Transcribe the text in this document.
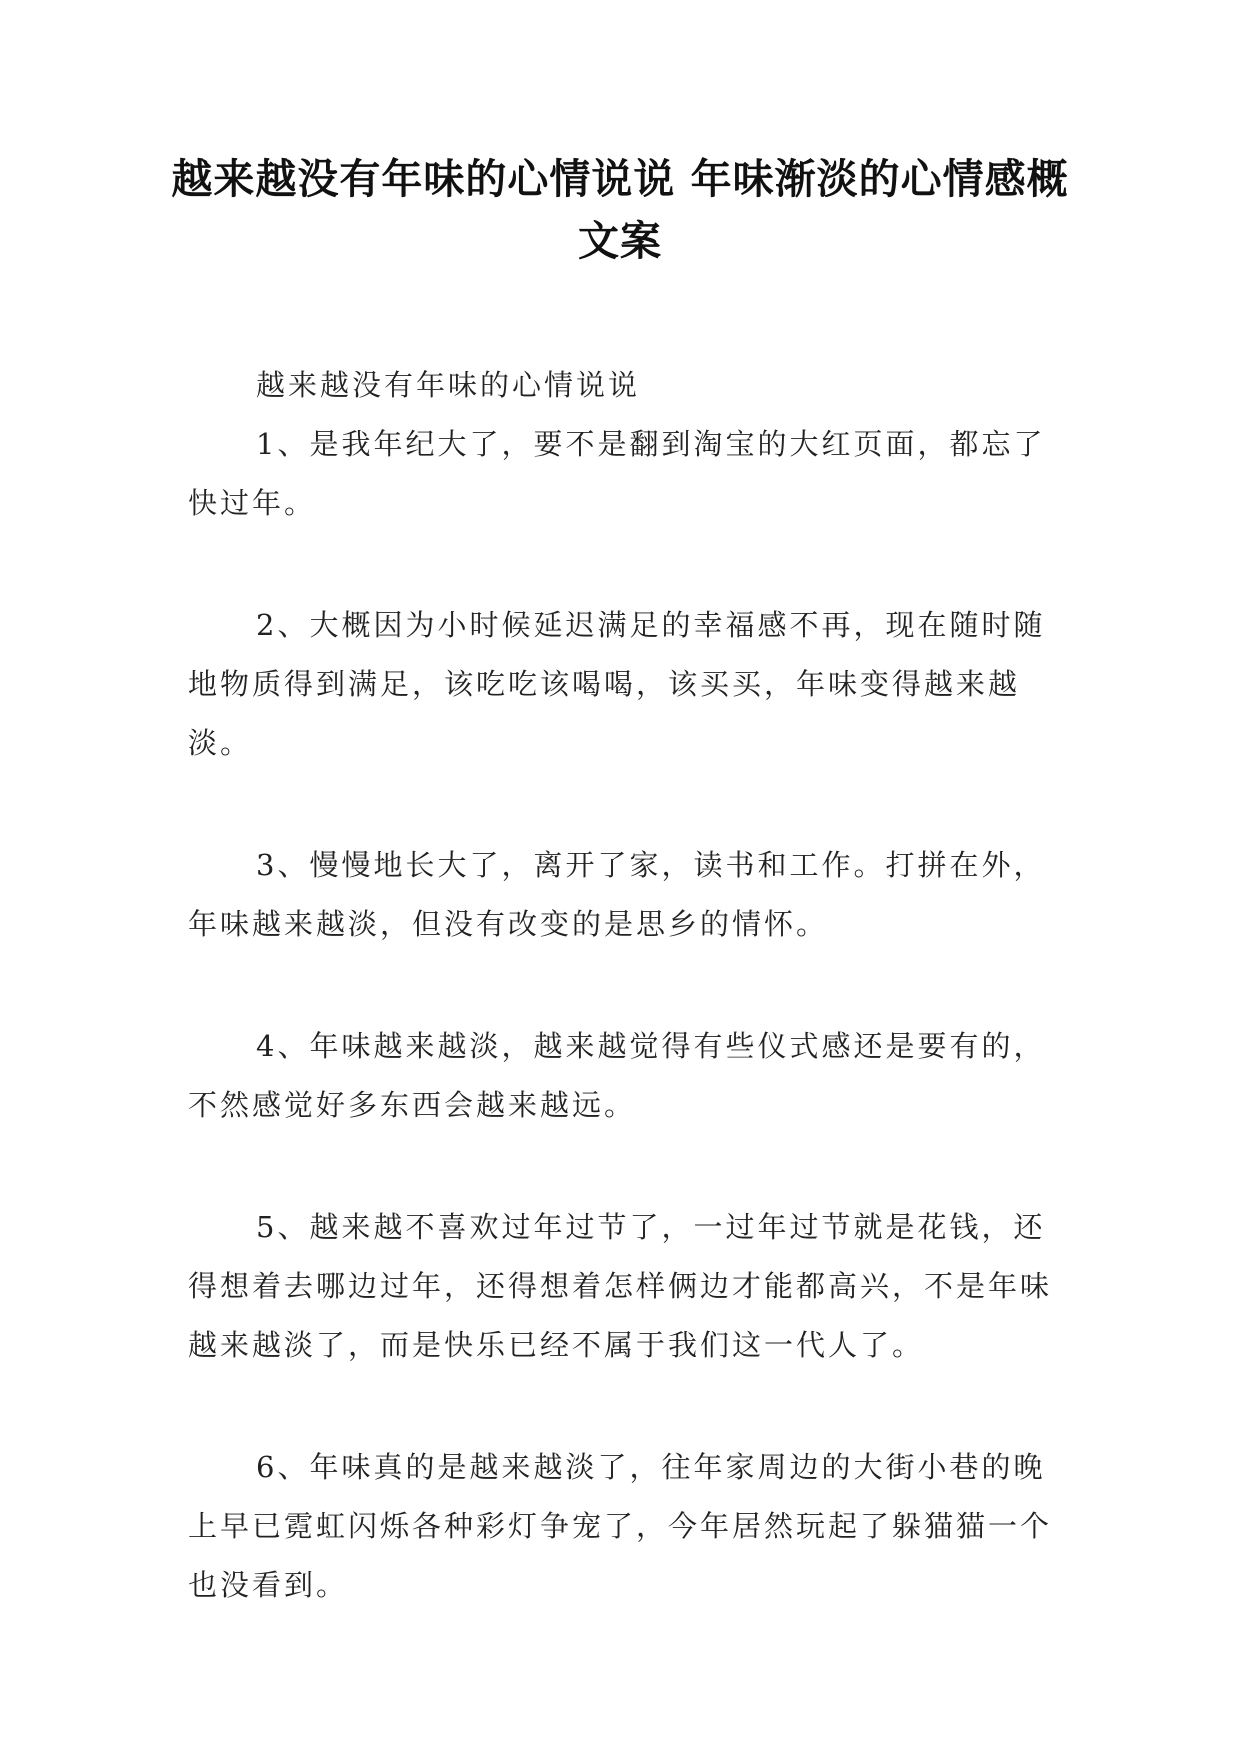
越来越没有年味的心情说说 年味渐淡的心情感概文案

越来越没有年味的心情说说

1、是我年纪大了，要不是翻到淘宝的大红页面，都忘了快过年。

2、大概因为小时候延迟满足的幸福感不再，现在随时随地物质得到满足，该吃吃该喝喝，该买买，年味变得越来越淡。

3、慢慢地长大了，离开了家，读书和工作。打拼在外，年味越来越淡，但没有改变的是思乡的情怀。

4、年味越来越淡，越来越觉得有些仪式感还是要有的，不然感觉好多东西会越来越远。

5、越来越不喜欢过年过节了，一过年过节就是花钱，还得想着去哪边过年，还得想着怎样俩边才能都高兴，不是年味越来越淡了，而是快乐已经不属于我们这一代人了。

6、年味真的是越来越淡了，往年家周边的大街小巷的晚上早已霓虹闪烁各种彩灯争宠了，今年居然玩起了躲猫猫一个也没看到。
